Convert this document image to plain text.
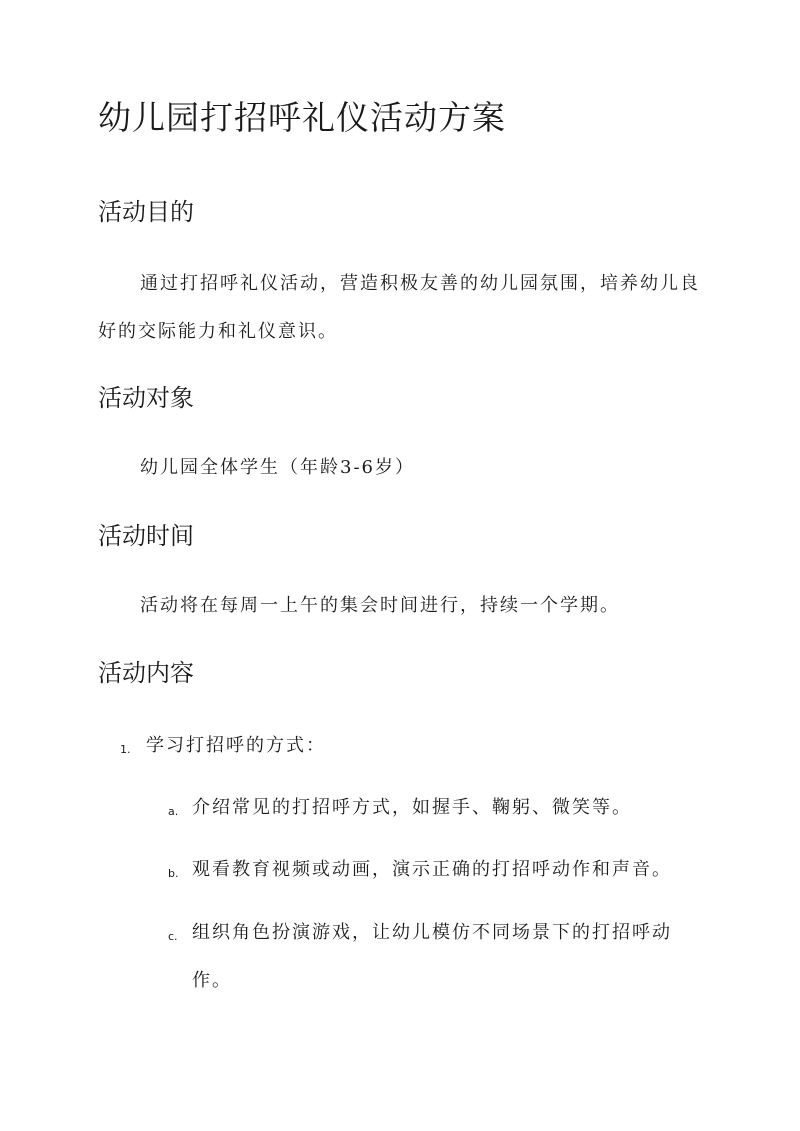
幼儿园打招呼礼仪活动方案
活动目的

通过打招呼礼仪活动，营造积极友善的幼儿园氛围，培养幼儿良好的交际能力和礼仪意识。

活动对象

幼儿园全体学生（年龄3-6岁）

活动时间

活动将在每周一上午的集会时间进行，持续一个学期。

活动内容
1. 学习打招呼的方式：

a. 介绍常见的打招呼方式，如握手、鞠躬、微笑等。

b. 观看教育视频或动画，演示正确的打招呼动作和声音。

c. 组织角色扮演游戏，让幼儿模仿不同场景下的打招呼动作。
